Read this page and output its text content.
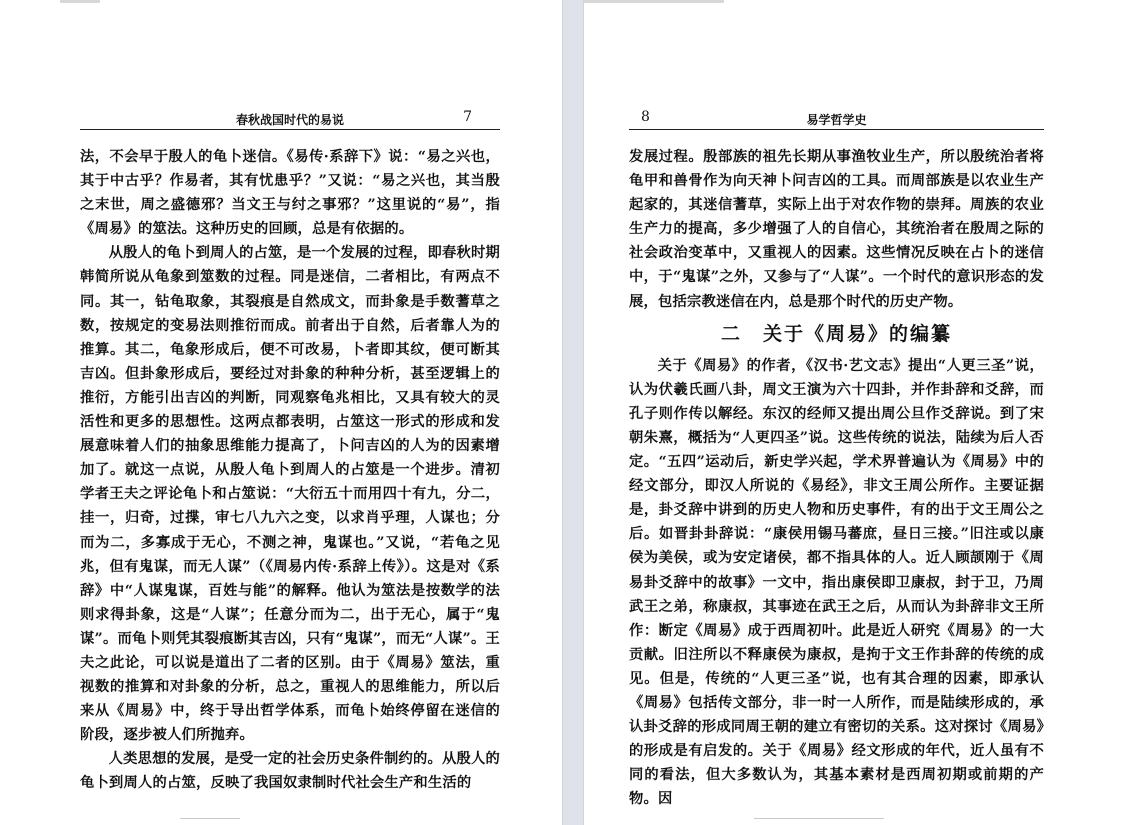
春秋战国时代的易说	7

法，不会早于殷人的龟卜迷信。《易传·系辞下》说：“易之兴也，其于中古乎？作易者，其有忧患乎？”又说：“易之兴也，其当殷之末世，周之盛德邪？当文王与纣之事邪？”这里说的“易”，指《周易》的筮法。这种历史的回顾，总是有依据的。

从殷人的龟卜到周人的占筮，是一个发展的过程，即春秋时期韩简所说从龟象到筮数的过程。同是迷信，二者相比，有两点不同。其一，钻龟取象，其裂痕是自然成文，而卦象是手数蓍草之数，按规定的变易法则推衍而成。前者出于自然，后者靠人为的推算。其二，龟象形成后，便不可改易，卜者即其纹，便可断其吉凶。但卦象形成后，要经过对卦象的种种分析，甚至逻辑上的推衍，方能引出吉凶的判断，同观察龟兆相比，又具有较大的灵活性和更多的思想性。这两点都表明，占筮这一形式的形成和发展意味着人们的抽象思维能力提高了，卜问吉凶的人为的因素增加了。就这一点说，从殷人龟卜到周人的占筮是一个进步。清初学者王夫之评论龟卜和占筮说：“大衍五十而用四十有九，分二，挂一，归奇，过揲，审七八九六之变，以求肖乎理，人谋也；分而为二，多寡成于无心，不测之神，鬼谋也。”又说，“若龟之见兆，但有鬼谋，而无人谋”（《周易内传·系辞上传》）。这是对《系辞》中“人谋鬼谋，百姓与能”的解释。他认为筮法是按数学的法则求得卦象，这是“人谋”；任意分而为二，出于无心，属于“鬼谋”。而龟卜则凭其裂痕断其吉凶，只有“鬼谋”，而无“人谋”。王夫之此论，可以说是道出了二者的区别。由于《周易》筮法，重视数的推算和对卦象的分析，总之，重视人的思维能力，所以后来从《周易》中，终于导出哲学体系，而龟卜始终停留在迷信的阶段，逐步被人们所抛弃。

人类思想的发展，是受一定的社会历史条件制约的。从殷人的龟卜到周人的占筮，反映了我国奴隶制时代社会生产和生活的

8	易学哲学史

发展过程。殷部族的祖先长期从事渔牧业生产，所以殷统治者将龟甲和兽骨作为向天神卜问吉凶的工具。而周部族是以农业生产起家的，其迷信蓍草，实际上出于对农作物的崇拜。周族的农业生产力的提高，多少增强了人的自信心，其统治者在殷周之际的社会政治变革中，又重视人的因素。这些情况反映在占卜的迷信中，于“鬼谋”之外，又参与了“人谋”。一个时代的意识形态的发展，包括宗教迷信在内，总是那个时代的历史产物。

二　关于《周易》的编纂

关于《周易》的作者，《汉书·艺文志》提出“人更三圣”说，认为伏羲氏画八卦，周文王演为六十四卦，并作卦辞和爻辞，而孔子则作传以解经。东汉的经师又提出周公旦作爻辞说。到了宋朝朱熹，概括为“人更四圣”说。这些传统的说法，陆续为后人否定。“五四”运动后，新史学兴起，学术界普遍认为《周易》中的经文部分，即汉人所说的《易经》，非文王周公所作。主要证据是，卦爻辞中讲到的历史人物和历史事件，有的出于文王周公之后。如晋卦卦辞说：“康侯用锡马蕃庶，昼日三接。”旧注或以康侯为美侯，或为安定诸侯，都不指具体的人。近人顾颉刚于《周易卦爻辞中的故事》一文中，指出康侯即卫康叔，封于卫，乃周武王之弟，称康叔，其事迹在武王之后，从而认为卦辞非文王所作：断定《周易》成于西周初叶。此是近人研究《周易》的一大贡献。旧注所以不释康侯为康叔，是拘于文王作卦辞的传统的成见。但是，传统的“人更三圣”说，也有其合理的因素，即承认《周易》包括传文部分，非一时一人所作，而是陆续形成的，承认卦爻辞的形成同周王朝的建立有密切的关系。这对探讨《周易》的形成是有启发的。关于《周易》经文形成的年代，近人虽有不同的看法，但大多数认为，其基本素材是西周初期或前期的产物。因
